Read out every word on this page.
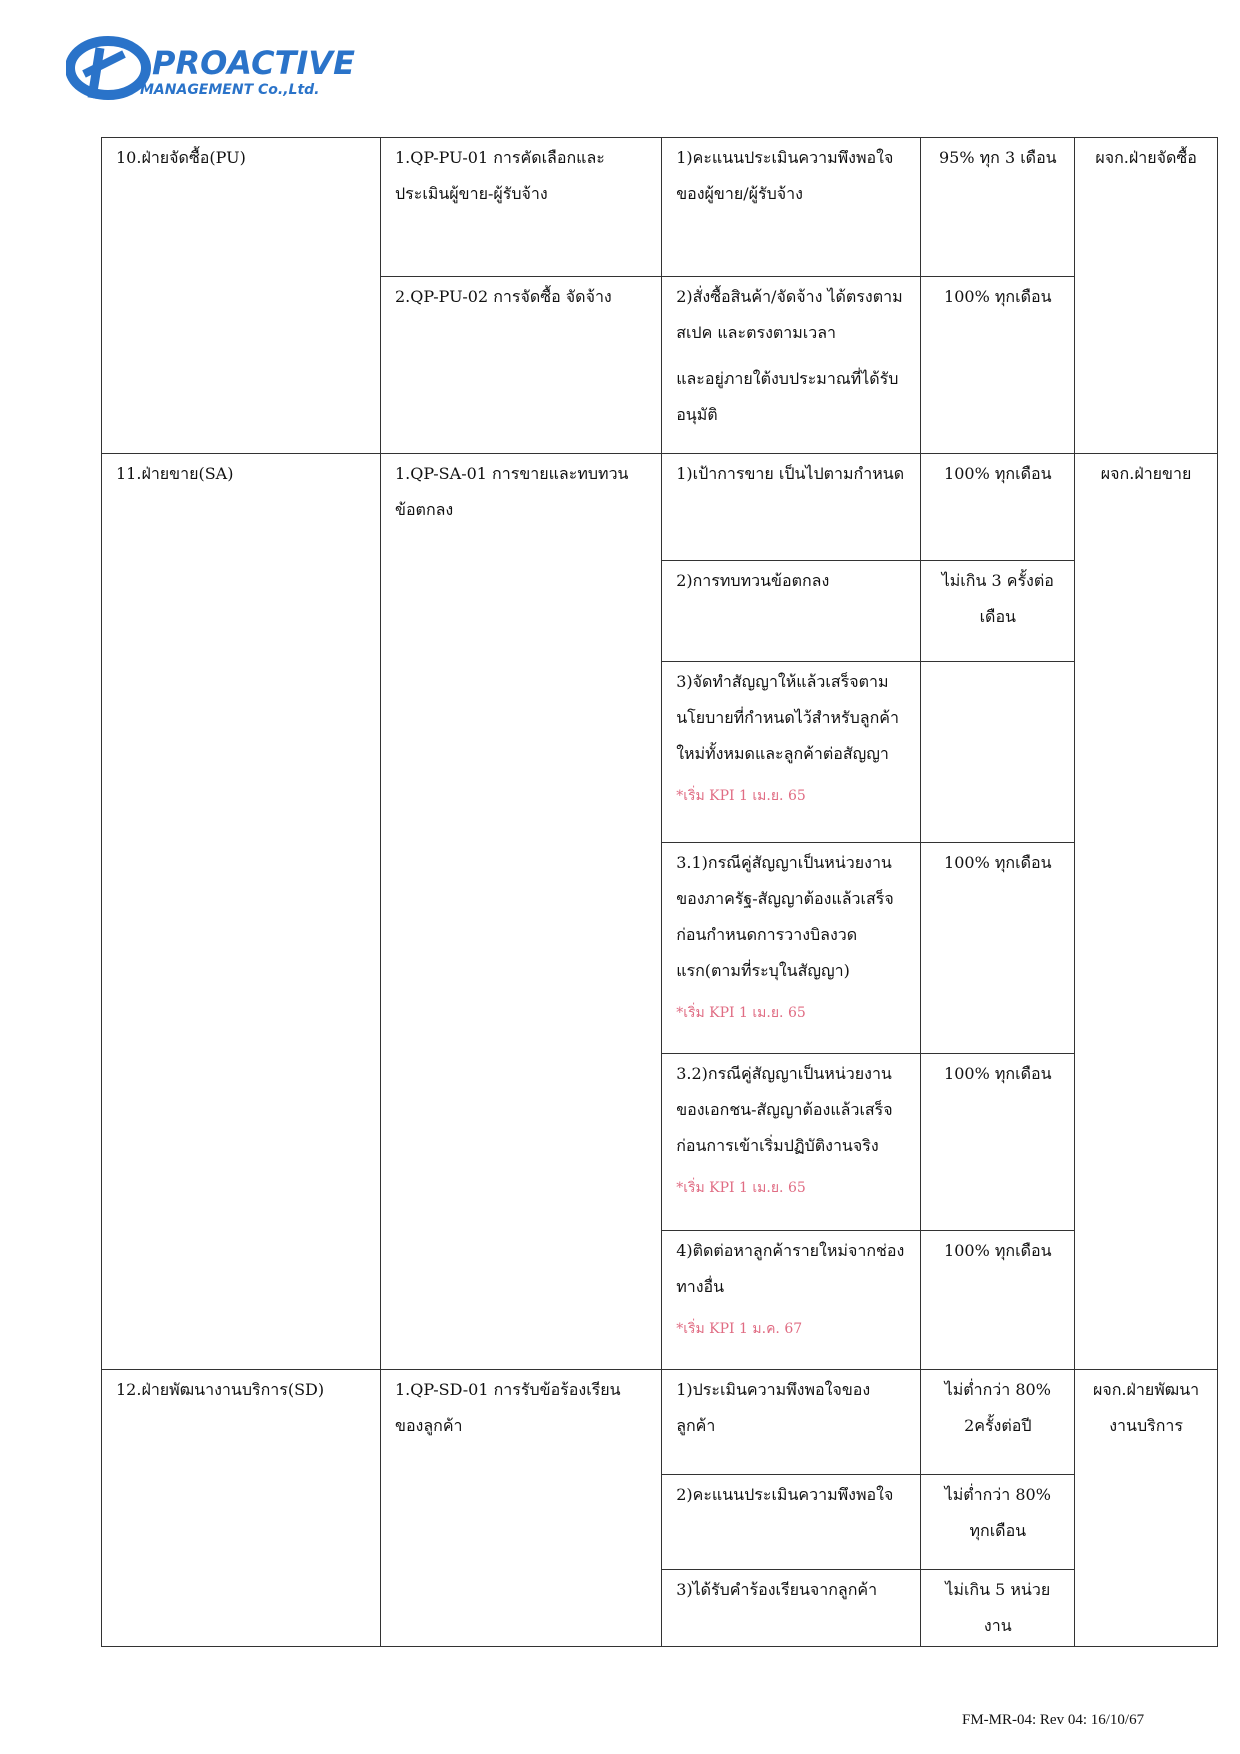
PROACTIVE
MANAGEMENT Co.,Ltd.
10.ฝ่ายจัดซื้อ(PU)	1.QP-PU-01 การคัดเลือกและประเมินผู้ขาย-ผู้รับจ้าง	1)คะแนนประเมินความพึงพอใจของผู้ขาย/ผู้รับจ้าง	95% ทุก 3 เดือน	ผจก.ฝ่ายจัดซื้อ
	2.QP-PU-02 การจัดซื้อ จัดจ้าง	2)สั่งซื้อสินค้า/จัดจ้าง ได้ตรงตามสเปค และตรงตามเวลา
และอยู่ภายใต้งบประมาณที่ได้รับอนุมัติ	100% ทุกเดือน	
11.ฝ่ายขาย(SA)	1.QP-SA-01 การขายและทบทวนข้อตกลง	1)เป้าการขาย เป็นไปตามกำหนด	100% ทุกเดือน	ผจก.ฝ่ายขาย
		2)การทบทวนข้อตกลง	ไม่เกิน 3 ครั้งต่อเดือน	

		3)จัดทำสัญญาให้แล้วเสร็จตามนโยบายที่กำหนดไว้สำหรับลูกค้าใหม่ทั้งหมดและลูกค้าต่อสัญญา
*เริ่ม KPI 1 เม.ย. 65		

		3.1)กรณีคู่สัญญาเป็นหน่วยงานของภาครัฐ-สัญญาต้องแล้วเสร็จก่อนกำหนดการวางบิลงวดแรก(ตามที่ระบุในสัญญา)
*เริ่ม KPI 1 เม.ย. 65	100% ทุกเดือน	

		3.2)กรณีคู่สัญญาเป็นหน่วยงานของเอกชน-สัญญาต้องแล้วเสร็จก่อนการเข้าเริ่มปฏิบัติงานจริง
*เริ่ม KPI 1 เม.ย. 65	100% ทุกเดือน	

		4)ติดต่อหาลูกค้ารายใหม่จากช่องทางอื่น
*เริ่ม KPI 1 ม.ค. 67	100% ทุกเดือน	
12.ฝ่ายพัฒนางานบริการ(SD)	1.QP-SD-01 การรับข้อร้องเรียนของลูกค้า	1)ประเมินความพึงพอใจของลูกค้า	ไม่ต่ำกว่า 80% 2ครั้งต่อปี	ผจก.ฝ่ายพัฒนางานบริการ
		2)คะแนนประเมินความพึงพอใจ	ไม่ต่ำกว่า 80% ทุกเดือน	
		3)ได้รับคำร้องเรียนจากลูกค้า	ไม่เกิน 5 หน่วยงาน	
FM-MR-04: Rev 04: 16/10/67
